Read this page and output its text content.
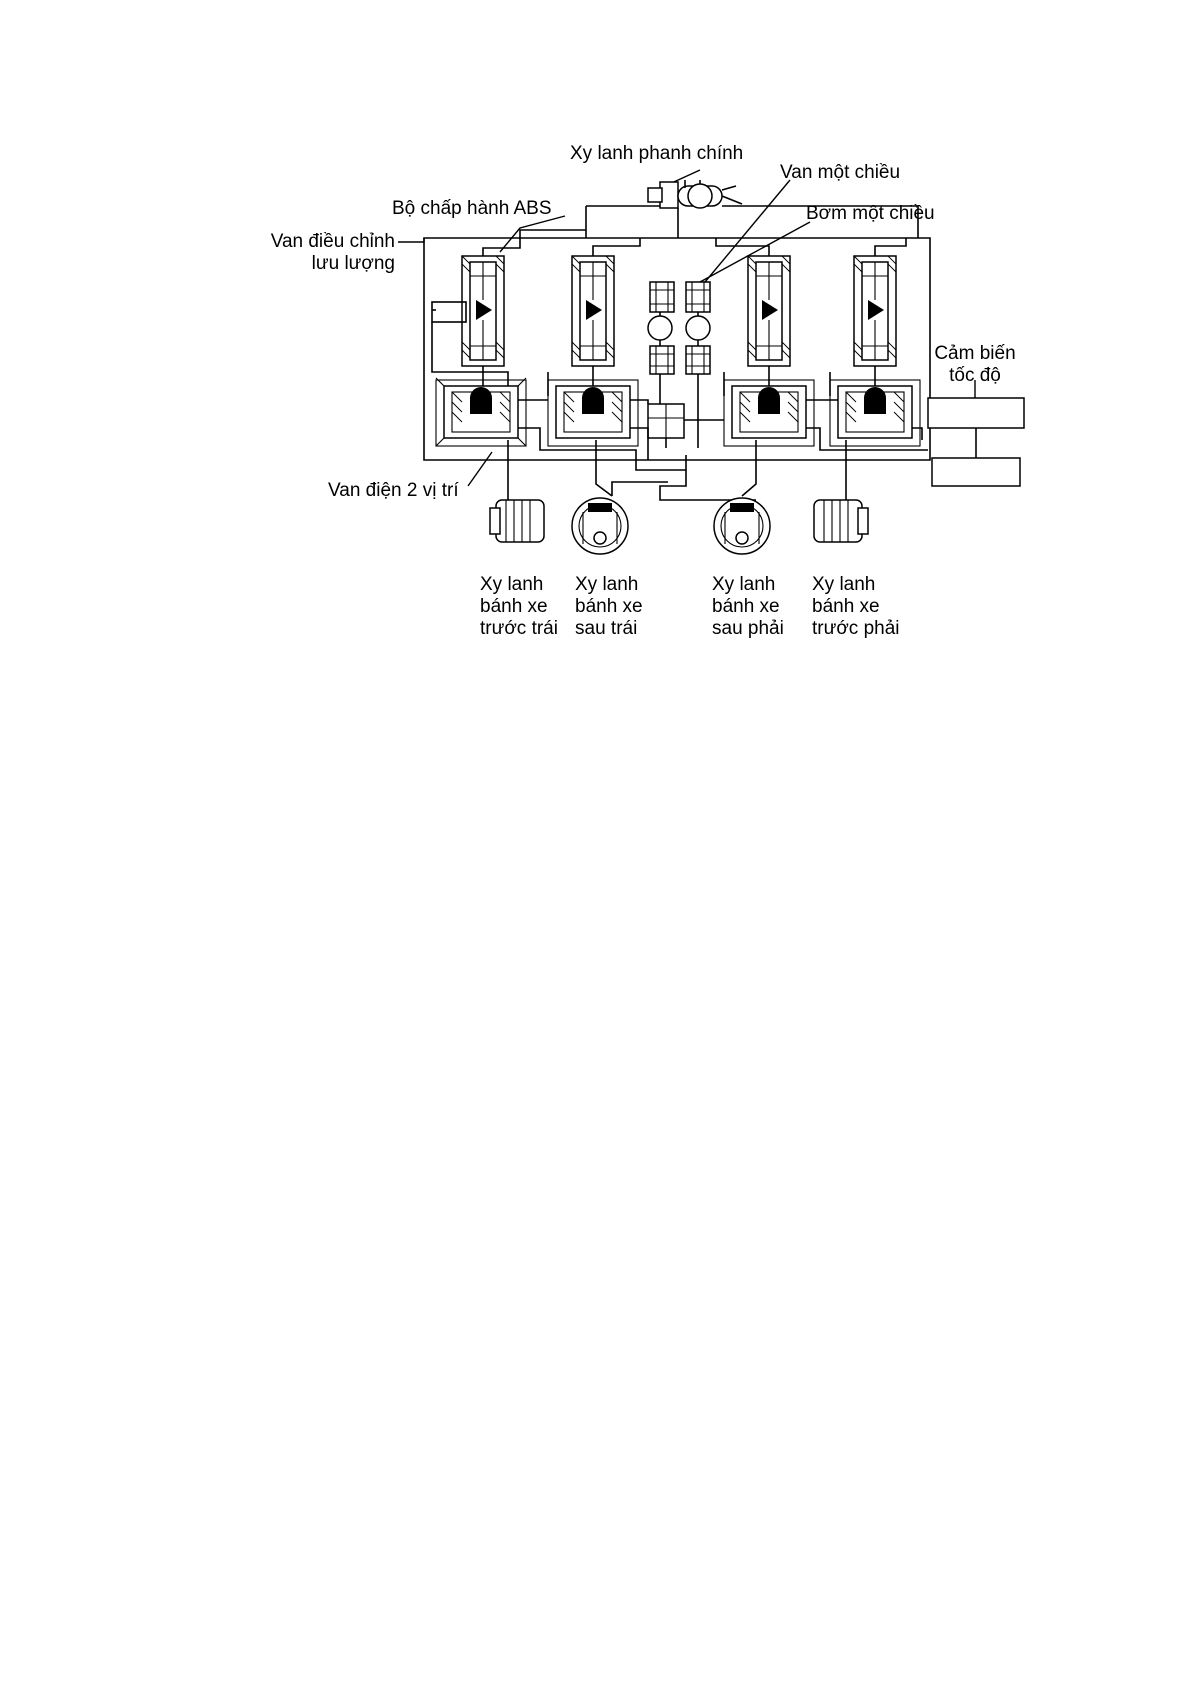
Xy lanh phanh chính
Van một chiều
Bộ chấp hành ABS	Bơm một chiều
Van điều chỉnh
lưu lượng
Cảm biến
tốc độ
Van điện 2 vị trí
Xy lanh
bánh xe
trước trái
Xy lanh
bánh xe
sau trái
Xy lanh
bánh xe
sau phải
Xy lanh
bánh xe
trước phải
